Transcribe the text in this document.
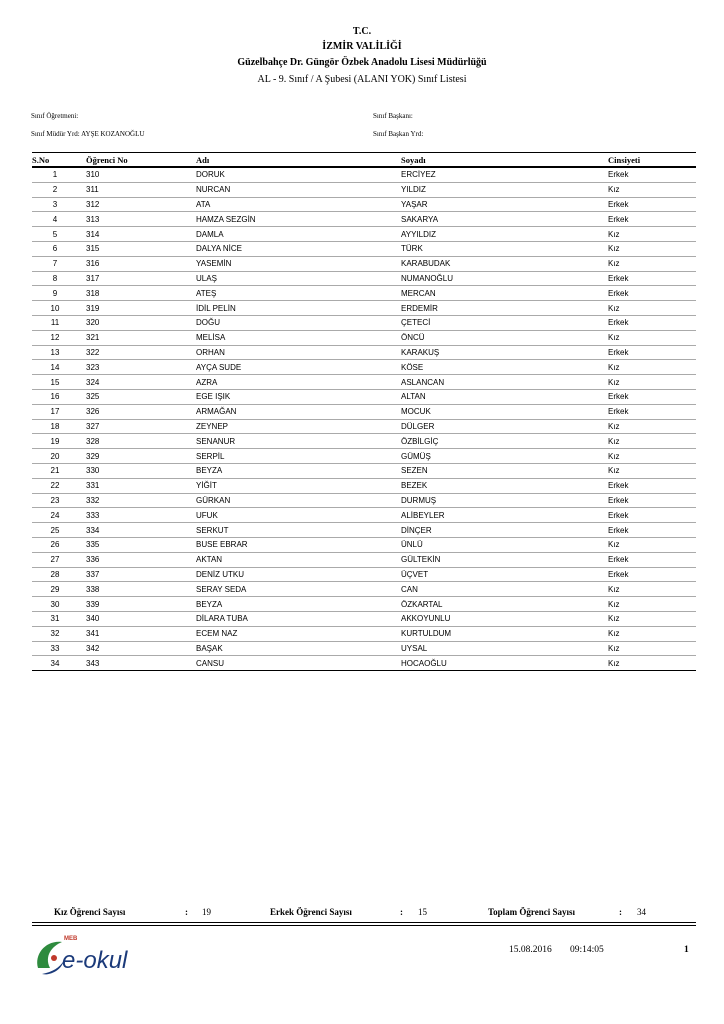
T.C.
İZMİR VALİLİĞİ
Güzelbahçe Dr. Güngör Özbek Anadolu Lisesi Müdürlüğü
AL - 9. Sınıf / A Şubesi (ALANI YOK) Sınıf Listesi
Sınıf Öğretmeni:	Sınıf Başkanı:
Sınıf Müdür Yrd: AYŞE KOZANOĞLU	Sınıf Başkan Yrd:
S.No	Öğrenci No	Adı	Soyadı	Cinsiyeti
1	310	DORUK	ERCİYEZ	Erkek
2	311	NURCAN	YILDIZ	Kız
3	312	ATA	YAŞAR	Erkek
4	313	HAMZA SEZGİN	SAKARYA	Erkek
5	314	DAMLA	AYYILDIZ	Kız
6	315	DALYA NİCE	TÜRK	Kız
7	316	YASEMİN	KARABUDAK	Kız
8	317	ULAŞ	NUMANOĞLU	Erkek
9	318	ATEŞ	MERCAN	Erkek
10	319	İDİL PELİN	ERDEMİR	Kız
11	320	DOĞU	ÇETECİ	Erkek
12	321	MELİSA	ÖNCÜ	Kız
13	322	ORHAN	KARAKUŞ	Erkek
14	323	AYÇA SUDE	KÖSE	Kız
15	324	AZRA	ASLANCAN	Kız
16	325	EGE IŞIK	ALTAN	Erkek
17	326	ARMAĞAN	MOCUK	Erkek
18	327	ZEYNEP	DÜLGER	Kız
19	328	SENANUR	ÖZBİLGİÇ	Kız
20	329	SERPİL	GÜMÜŞ	Kız
21	330	BEYZA	SEZEN	Kız
22	331	YİĞİT	BEZEK	Erkek
23	332	GÜRKAN	DURMUŞ	Erkek
24	333	UFUK	ALİBEYLER	Erkek
25	334	SERKUT	DİNÇER	Erkek
26	335	BUSE EBRAR	ÜNLÜ	Kız
27	336	AKTAN	GÜLTEKİN	Erkek
28	337	DENİZ UTKU	ÜÇVET	Erkek
29	338	SERAY SEDA	CAN	Kız
30	339	BEYZA	ÖZKARTAL	Kız
31	340	DİLARA TUBA	AKKOYUNLU	Kız
32	341	ECEM NAZ	KURTULDUM	Kız
33	342	BAŞAK	UYSAL	Kız
34	343	CANSU	HOCAOĞLU	Kız
Kız Öğrenci Sayısı	: 19	Erkek Öğrenci Sayısı	: 15	Toplam Öğrenci Sayısı	: 34
MEB
e-okul	15.08.2016 09:14:05	1
